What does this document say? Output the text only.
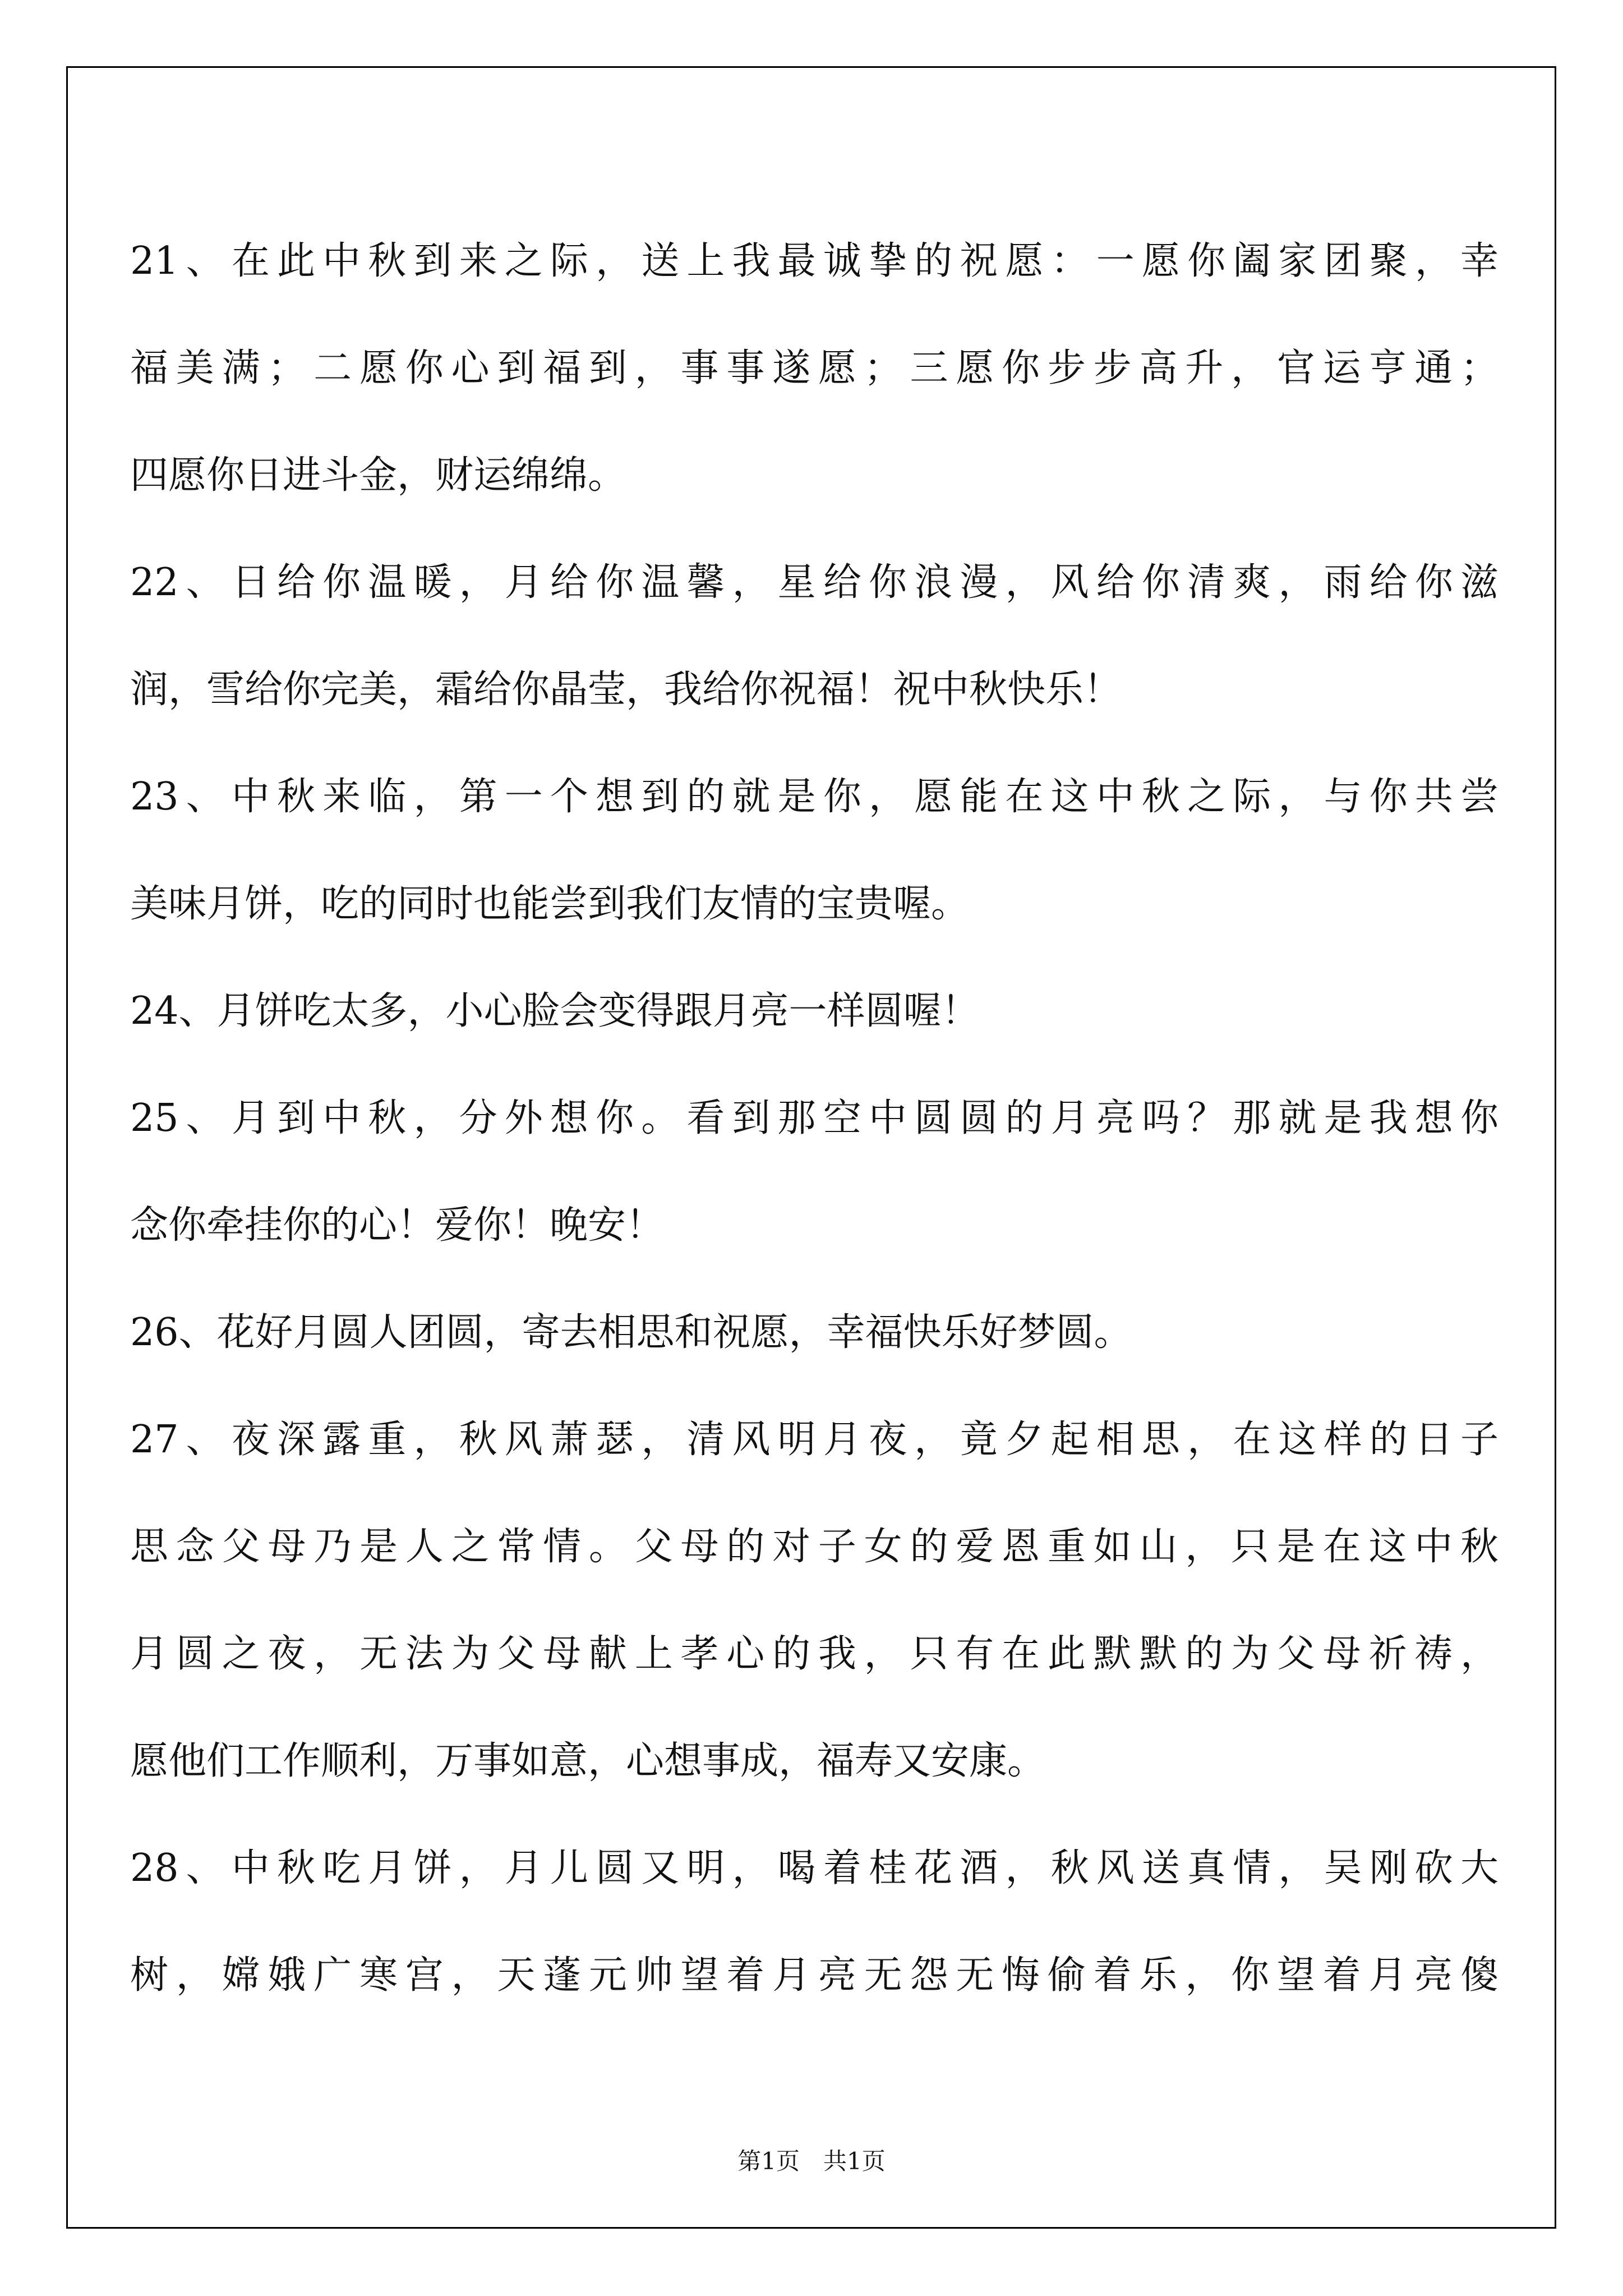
21、在此中秋到来之际，送上我最诚挚的祝愿：一愿你阖家团聚，幸
福美满；二愿你心到福到，事事遂愿；三愿你步步高升，官运亨通；
四愿你日进斗金，财运绵绵。
22、日给你温暖，月给你温馨，星给你浪漫，风给你清爽，雨给你滋
润，雪给你完美，霜给你晶莹，我给你祝福！祝中秋快乐！
23、中秋来临，第一个想到的就是你，愿能在这中秋之际，与你共尝
美味月饼，吃的同时也能尝到我们友情的宝贵喔。
24、月饼吃太多，小心脸会变得跟月亮一样圆喔！
25、月到中秋，分外想你。看到那空中圆圆的月亮吗？那就是我想你
念你牵挂你的心！爱你！晚安！
26、花好月圆人团圆，寄去相思和祝愿，幸福快乐好梦圆。
27、夜深露重，秋风萧瑟，清风明月夜，竟夕起相思，在这样的日子
思念父母乃是人之常情。父母的对子女的爱恩重如山，只是在这中秋
月圆之夜，无法为父母献上孝心的我，只有在此默默的为父母祈祷，
愿他们工作顺利，万事如意，心想事成，福寿又安康。
28、中秋吃月饼，月儿圆又明，喝着桂花酒，秋风送真情，吴刚砍大
树，嫦娥广寒宫，天蓬元帅望着月亮无怨无悔偷着乐，你望着月亮傻
第1页　共1页
